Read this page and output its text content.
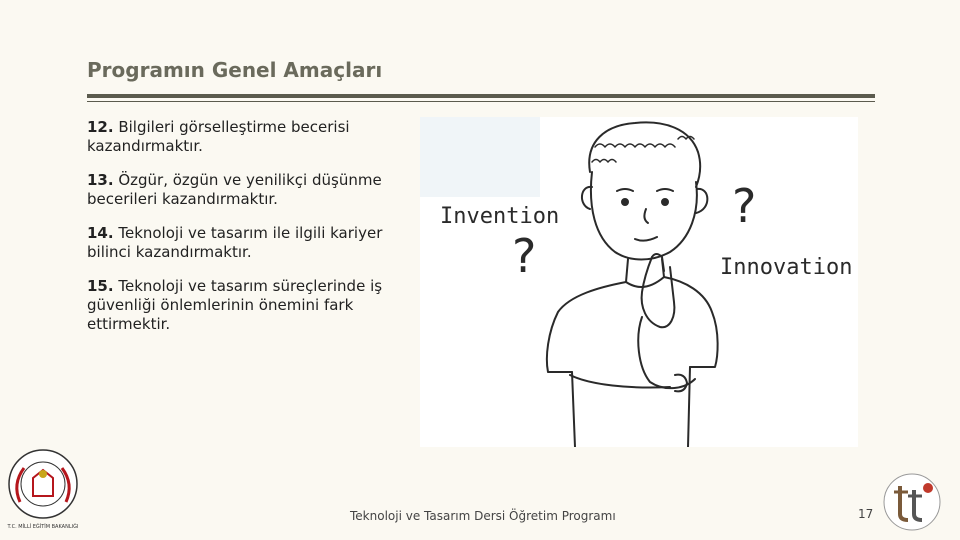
Programın Genel Amaçları
12. Bilgileri görselleştirme becerisi kazandırmaktır.
13. Özgür, özgün ve yenilikçi düşünme becerileri kazandırmaktır.
14. Teknoloji ve tasarım ile ilgili kariyer bilinci kazandırmaktır.
15. Teknoloji ve tasarım süreçlerinde iş güvenliği önlemlerinin önemini fark ettirmektir.
Invention
Innovation
?
?
T.C. MİLLİ EĞİTİM BAKANLIĞI
Teknoloji ve Tasarım Dersi Öğretim Programı	17
